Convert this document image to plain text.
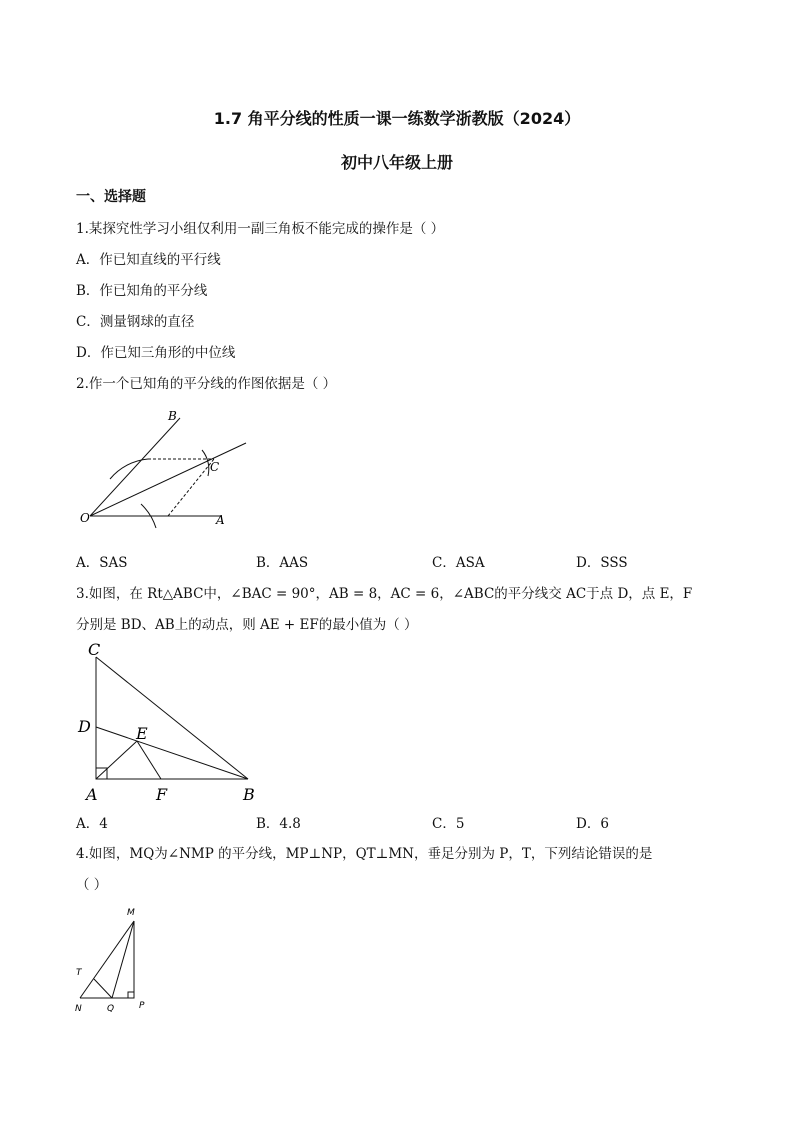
1.7 角平分线的性质一课一练数学浙教版（2024）
初中八年级上册
一、选择题
1.某探究性学习小组仅利用一副三角板不能完成的操作是（ ）
A．作已知直线的平行线
B．作已知角的平分线
C．测量钢球的直径
D．作已知三角形的中位线
2.作一个已知角的平分线的作图依据是（ ）
B
C
O	A
A．SAS	B．AAS	C．ASA	D．SSS
3.如图，在 Rt△ABC中，∠BAC = 90°，AB = 8，AC = 6，∠ABC的平分线交 AC于点 D，点 E，F
分别是 BD、AB上的动点，则 AE + EF的最小值为（ ）
C
D	E
A	F	B
A．4	B．4.8	C．5	D．6
4.如图，MQ为∠NMP 的平分线，MP⊥NP，QT⊥MN，垂足分别为 P，T，下列结论错误的是
（ ）
M
T
N	Q	P
